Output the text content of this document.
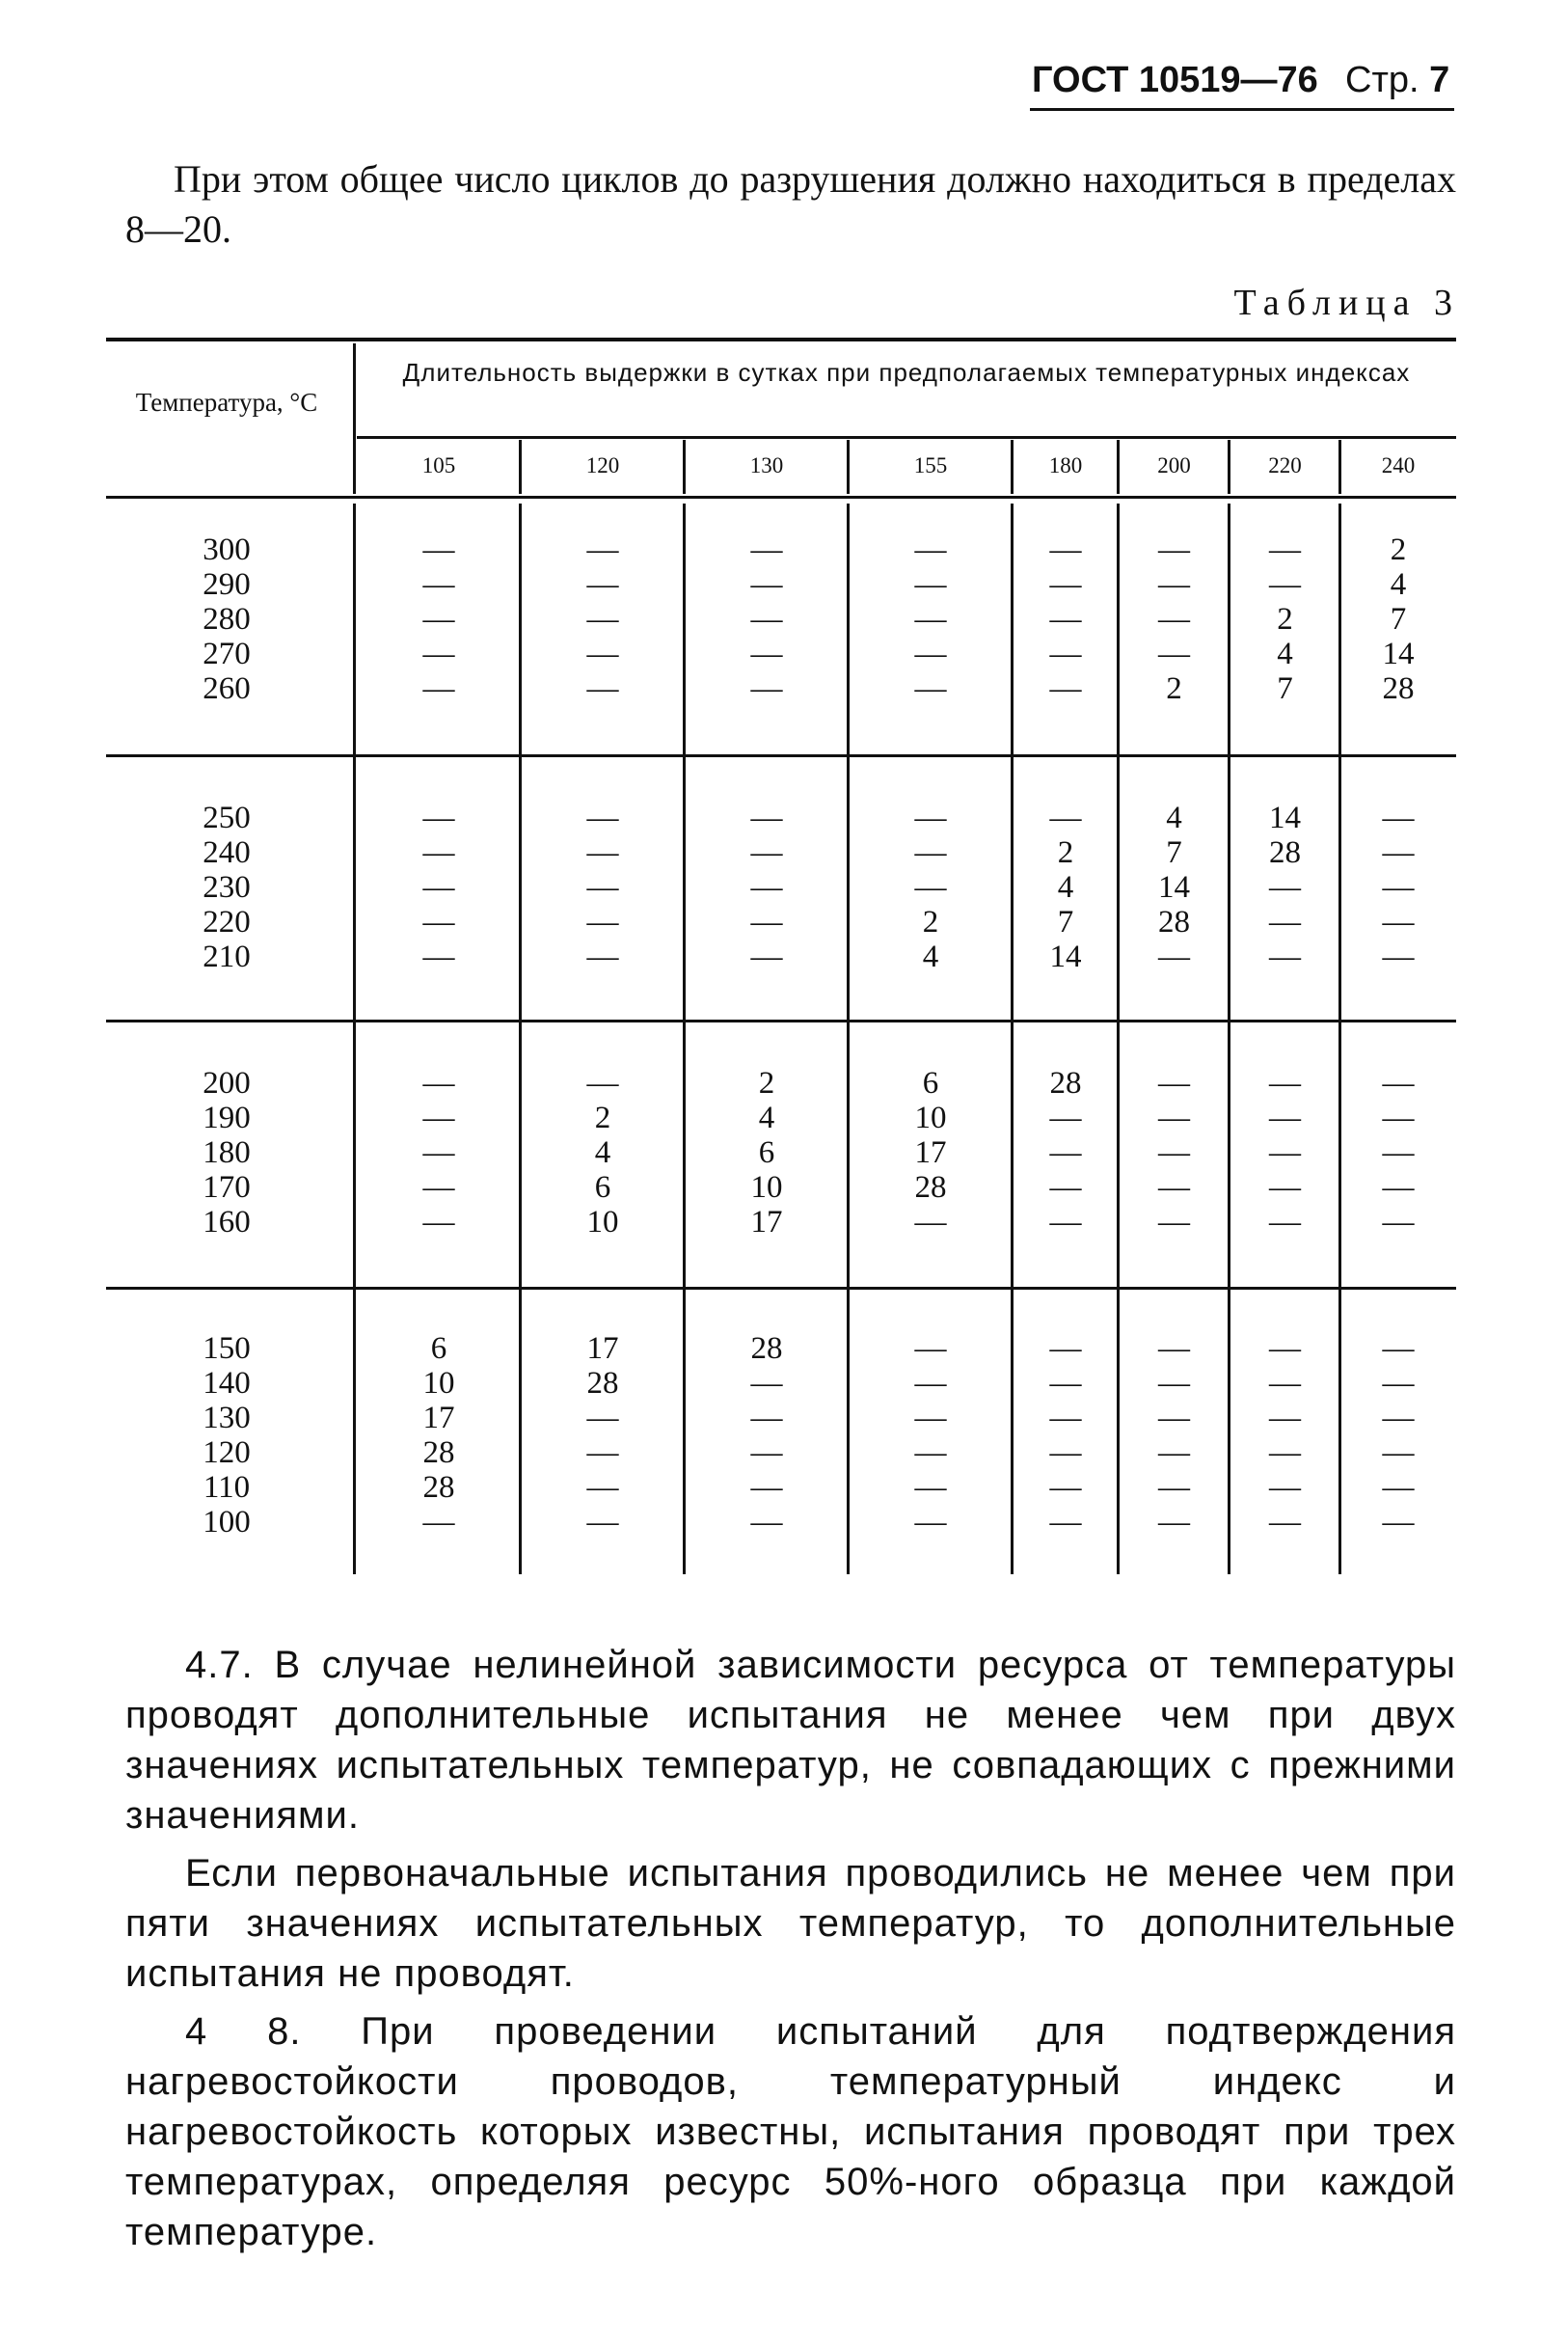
ГОСТ 10519—76 Стр. 7

При этом общее число циклов до разрушения должно находиться в пределах 8—20.

Таблица 3
Температура, °С
Длительность выдержки в сутках при предполагаемых температурных индексах
105	120	130	155	180	200	220	240
300	—	—	—	—	—	—	—	2
290	—	—	—	—	—	—	—	4
280	—	—	—	—	—	—	2	7
270	—	—	—	—	—	—	4	14
260	—	—	—	—	—	2	7	28
250	—	—	—	—	—	4	14	—
240	—	—	—	—	2	7	28	—
230	—	—	—	—	4	14	—	—
220	—	—	—	2	7	28	—	—
210	—	—	—	4	14	—	—	—
200	—	—	2	6	28	—	—	—
190	—	2	4	10	—	—	—	—
180	—	4	6	17	—	—	—	—
170	—	6	10	28	—	—	—	—
160	—	10	17	—	—	—	—	—
150	6	17	28	—	—	—	—	—
140	10	28	—	—	—	—	—	—
130	17	—	—	—	—	—	—	—
120	28	—	—	—	—	—	—	—
110	28	—	—	—	—	—	—	—
100	—	—	—	—	—	—	—	—

4.7. В случае нелинейной зависимости ресурса от температуры проводят дополнительные испытания не менее чем при двух значениях испытательных температур, не совпадающих с прежними значениями.

Если первоначальные испытания проводились не менее чем при пяти значениях испытательных температур, то дополнительные испытания не проводят.

4 8. При проведении испытаний для подтверждения нагревостойкости проводов, температурный индекс и нагревостойкость которых известны, испытания проводят при трех температурах, определяя ресурс 50%-ного образца при каждой температуре.
